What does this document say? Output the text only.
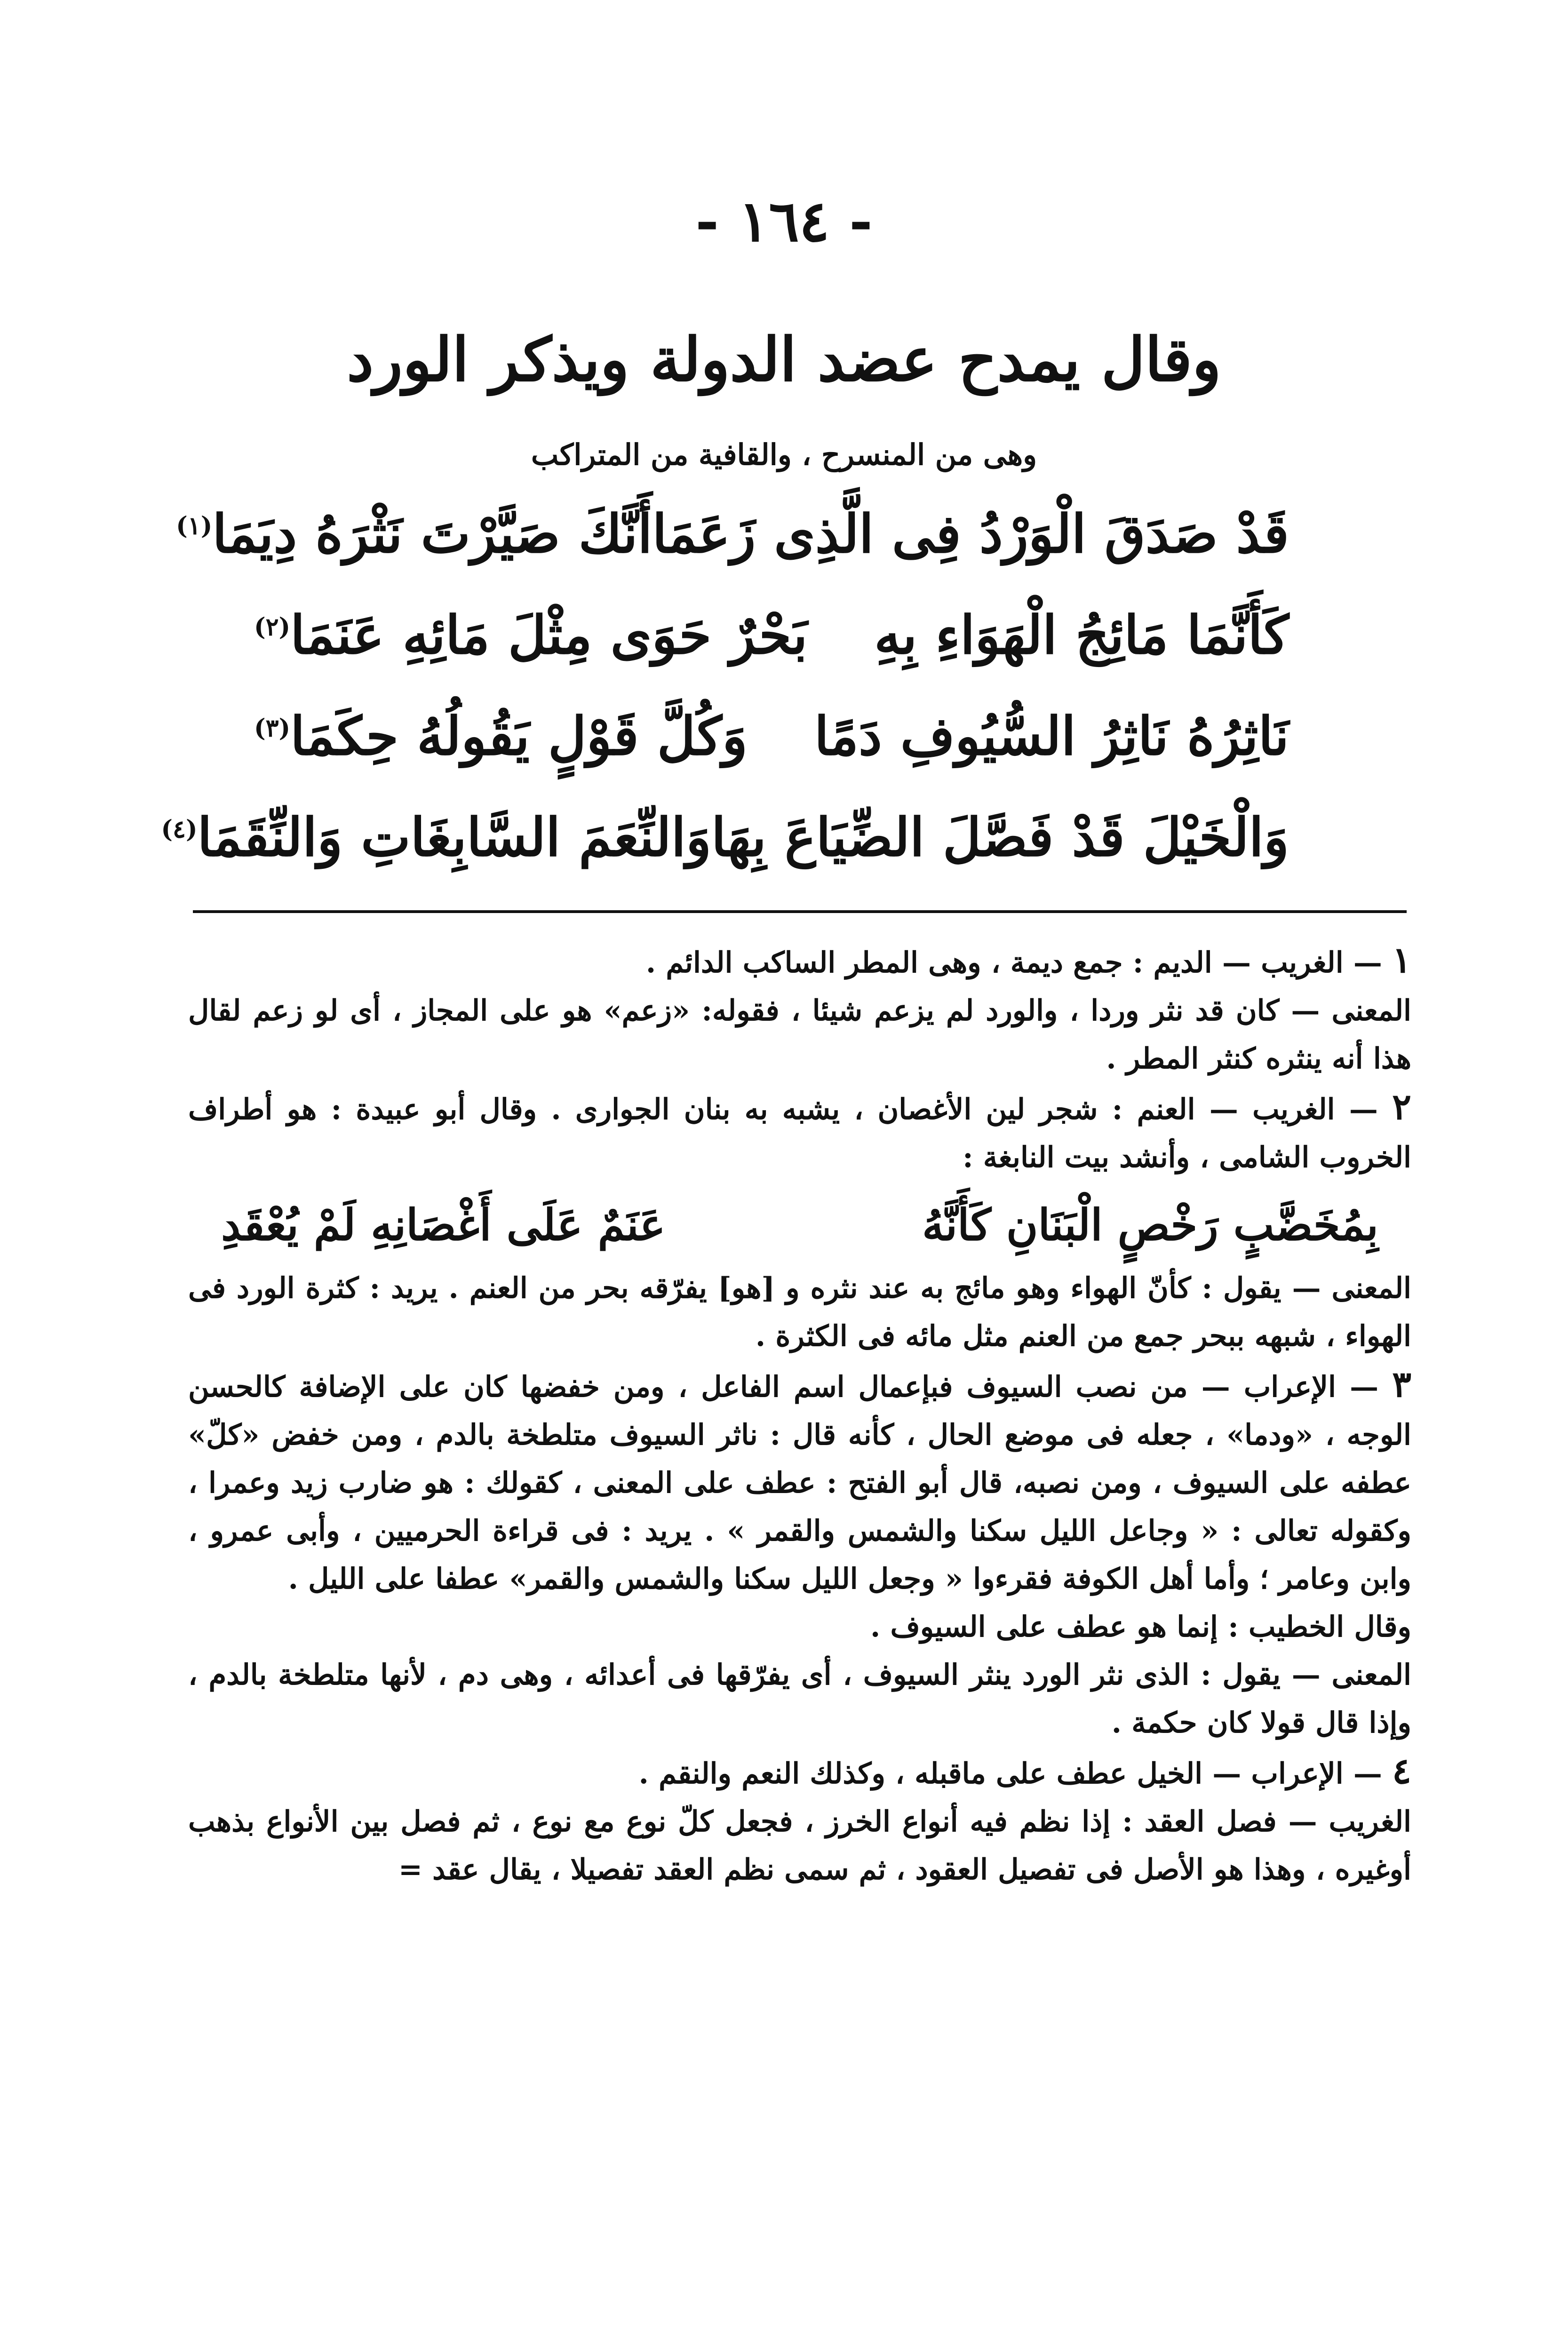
- ١٦٤ -
وقال يمدح عضد الدولة ويذكر الورد
وهى من المنسرح ، والقافية من المتراكب
قَدْ صَدَقَ الْوَرْدُ فِى الَّذِى زَعَمَا
أَنَّكَ صَيَّرْتَ نَثْرَهُ دِيَمَا$^{(١)}$
كَأَنَّمَا مَائِجُ الْهَوَاءِ بِهِ
بَحْرٌ حَوَى مِثْلَ مَائِهِ عَنَمَا$^{(٢)}$
نَاثِرُهُ نَاثِرُ السُّيُوفِ دَمًا
وَكُلَّ قَوْلٍ يَقُولُهُ حِكَمَا$^{(٣)}$
وَالْخَيْلَ قَدْ فَصَّلَ الضِّيَاعَ بِهَا
وَالنِّعَمَ السَّابِغَاتِ وَالنِّقَمَا$^{(٤)}$

١ — الغريب — الديم : جمع ديمة ، وهى المطر الساكب الدائم .

المعنى — كان قد نثر وردا ، والورد لم يزعم شيئا ، فقوله: «زعم» هو على المجاز ، أى لو زعم لقال هذا أنه ينثره كنثر المطر .

٢ — الغريب — العنم : شجر لين الأغصان ، يشبه به بنان الجوارى . وقال أبو عبيدة : هو أطراف الخروب الشامى ، وأنشد بيت النابغة :

بِمُخَضَّبٍ رَخْصٍ الْبَنَانِ كَأَنَّهُ
عَنَمٌ عَلَى أَغْصَانِهِ لَمْ يُعْقَدِ

المعنى — يقول : كأنّ الهواء وهو مائج به عند نثره و [هو] يفرّقه بحر من العنم . يريد : كثرة الورد فى الهواء ، شبهه ببحر جمع من العنم مثل مائه فى الكثرة .

٣ — الإعراب — من نصب السيوف فبإعمال اسم الفاعل ، ومن خفضها كان على الإضافة كالحسن الوجه ، «ودما» ، جعله فى موضع الحال ، كأنه قال : ناثر السيوف متلطخة بالدم ، ومن خفض «كلّ» عطفه على السيوف ، ومن نصبه، قال أبو الفتح : عطف على المعنى ، كقولك : هو ضارب زيد وعمرا ، وكقوله تعالى : « وجاعل الليل سكنا والشمس والقمر » . يريد : فى قراءة الحرميين ، وأبى عمرو ، وابن وعامر ؛ وأما أهل الكوفة فقرءوا « وجعل الليل سكنا والشمس والقمر» عطفا على الليل .

وقال الخطيب : إنما هو عطف على السيوف .

المعنى — يقول : الذى نثر الورد ينثر السيوف ، أى يفرّقها فى أعدائه ، وهى دم ، لأنها متلطخة بالدم ، وإذا قال قولا كان حكمة .

٤ — الإعراب — الخيل عطف على ماقبله ، وكذلك النعم والنقم .

الغريب — فصل العقد : إذا نظم فيه أنواع الخرز ، فجعل كلّ نوع مع نوع ، ثم فصل بين الأنواع بذهب أوغيره ، وهذا هو الأصل فى تفصيل العقود ، ثم سمى نظم العقد تفصيلا ، يقال عقد =
